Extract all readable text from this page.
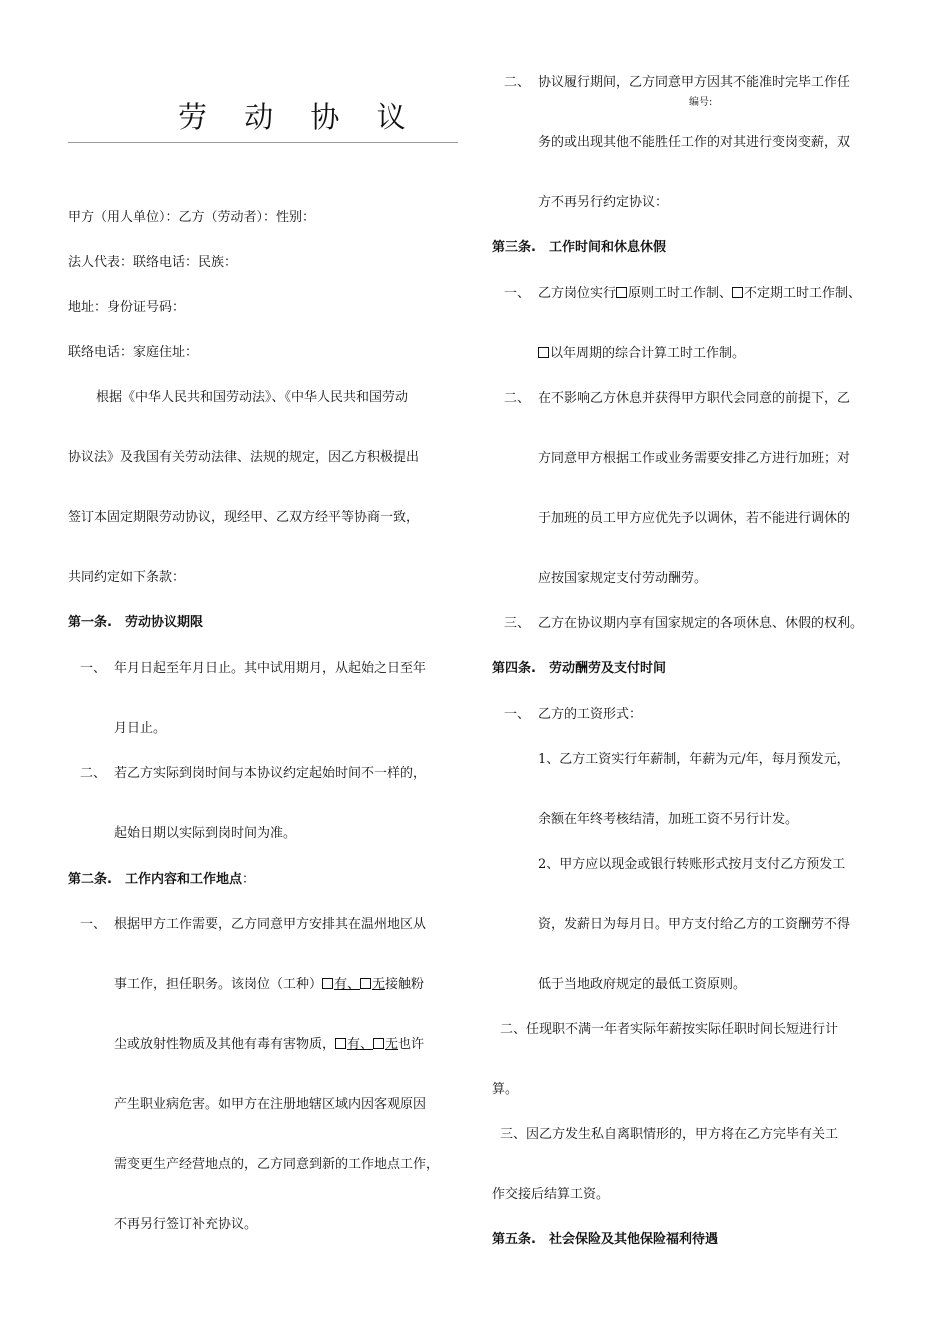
劳 动 协 议
甲方（用人单位）：乙方（劳动者）：性别：
法人代表：联络电话：民族：
地址：身份证号码：
联络电话：家庭住址：
根据《中华人民共和国劳动法》、《中华人民共和国劳动
协议法》及我国有关劳动法律、法规的规定，因乙方积极提出
签订本固定期限劳动协议，现经甲、乙双方经平等协商一致，
共同约定如下条款：
第一条.　劳动协议期限
一、 年月日起至年月日止。其中试用期月，从起始之日至年
月日止。
二、 若乙方实际到岗时间与本协议约定起始时间不一样的，
起始日期以实际到岗时间为准。
第二条.　工作内容和工作地点：
一、 根据甲方工作需要，乙方同意甲方安排其在温州地区从
事工作，担任职务。该岗位（工种） 有、 无接触粉
尘或放射性物质及其他有毒有害物质， 有、 无也许
产生职业病危害。如甲方在注册地辖区域内因客观原因
需变更生产经营地点的，乙方同意到新的工作地点工作，
不再另行签订补充协议。
二、 协议履行期间，乙方同意甲方因其不能准时完毕工作任
编号:
务的或出现其他不能胜任工作的对其进行变岗变薪，双
方不再另行约定协议：
第三条.　工作时间和休息休假
一、 乙方岗位实行 原则工时工作制、 不定期工时工作制、
以年周期的综合计算工时工作制。
二、 在不影响乙方休息并获得甲方职代会同意的前提下，乙
方同意甲方根据工作或业务需要安排乙方进行加班；对
于加班的员工甲方应优先予以调休，若不能进行调休的
应按国家规定支付劳动酬劳。
三、 乙方在协议期内享有国家规定的各项休息、休假的权利。
第四条.　劳动酬劳及支付时间
一、 乙方的工资形式：
1、乙方工资实行年薪制，年薪为元/年，每月预发元，
余额在年终考核结清，加班工资不另行计发。
2、甲方应以现金或银行转账形式按月支付乙方预发工
资，发薪日为每月日。甲方支付给乙方的工资酬劳不得
低于当地政府规定的最低工资原则。
二、任现职不满一年者实际年薪按实际任职时间长短进行计
算。
三、因乙方发生私自离职情形的，甲方将在乙方完毕有关工
作交接后结算工资。
第五条.　社会保险及其他保险福利待遇
